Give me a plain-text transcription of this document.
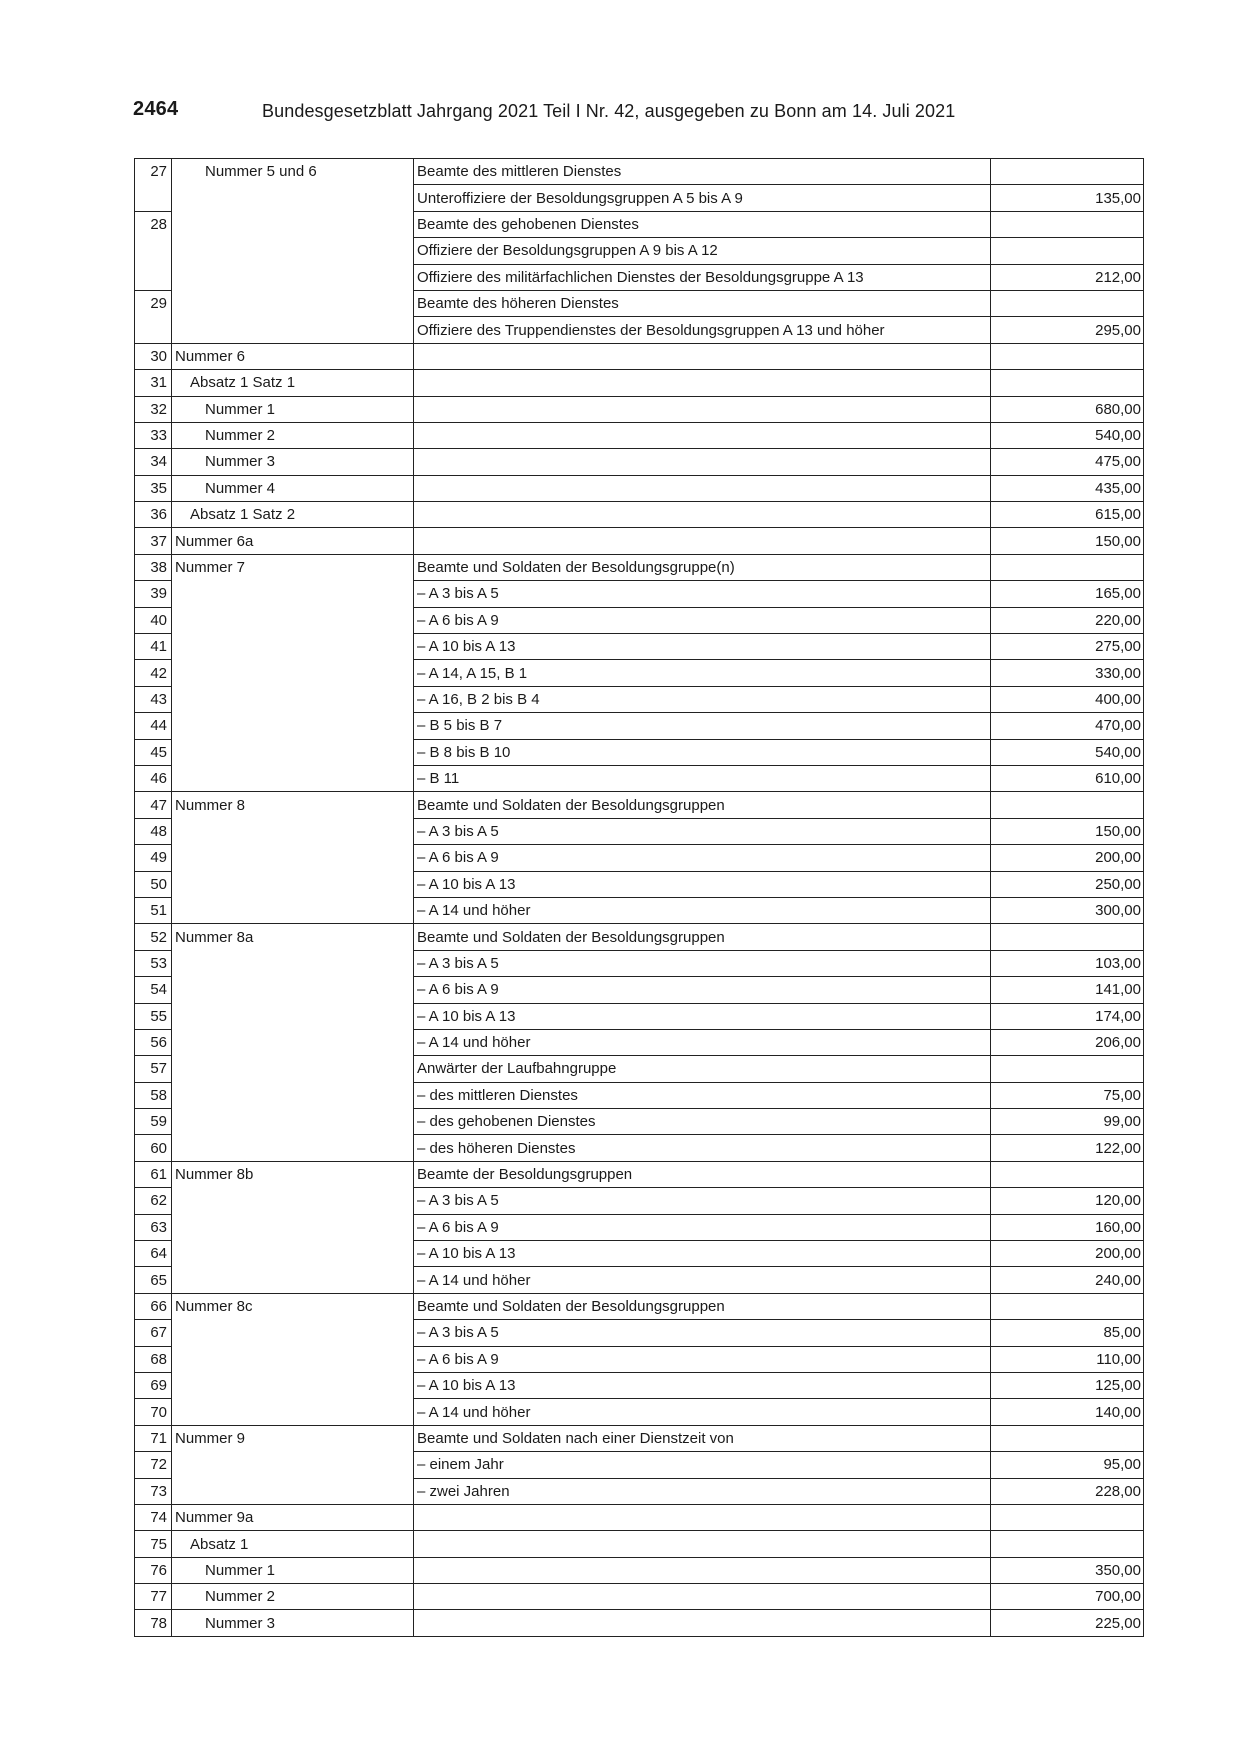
2464	Bundesgesetzblatt Jahrgang 2021 Teil I Nr. 42, ausgegeben zu Bonn am 14. Juli 2021
27	Nummer 5 und 6	Beamte des mittleren Dienstes	
		Unteroffiziere der Besoldungsgruppen A 5 bis A 9	135,00
28		Beamte des gehobenen Dienstes	
		Offiziere der Besoldungsgruppen A 9 bis A 12	
		Offiziere des militärfachlichen Dienstes der Besoldungsgruppe A 13	212,00
29		Beamte des höheren Dienstes	
		Offiziere des Truppendienstes der Besoldungsgruppen A 13 und höher	295,00
30	Nummer 6		
31	Absatz 1 Satz 1		
32	Nummer 1		680,00
33	Nummer 2		540,00
34	Nummer 3		475,00
35	Nummer 4		435,00
36	Absatz 1 Satz 2		615,00
37	Nummer 6a		150,00
38	Nummer 7	Beamte und Soldaten der Besoldungsgruppe(n)	
39		– A 3 bis A 5	165,00
40		– A 6 bis A 9	220,00
41		– A 10 bis A 13	275,00
42		– A 14, A 15, B 1	330,00
43		– A 16, B 2 bis B 4	400,00
44		– B 5 bis B 7	470,00
45		– B 8 bis B 10	540,00
46		– B 11	610,00
47	Nummer 8	Beamte und Soldaten der Besoldungsgruppen	
48		– A 3 bis A 5	150,00
49		– A 6 bis A 9	200,00
50		– A 10 bis A 13	250,00
51		– A 14 und höher	300,00
52	Nummer 8a	Beamte und Soldaten der Besoldungsgruppen	
53		– A 3 bis A 5	103,00
54		– A 6 bis A 9	141,00
55		– A 10 bis A 13	174,00
56		– A 14 und höher	206,00
57		Anwärter der Laufbahngruppe	
58		– des mittleren Dienstes	75,00
59		– des gehobenen Dienstes	99,00
60		– des höheren Dienstes	122,00
61	Nummer 8b	Beamte der Besoldungsgruppen	
62		– A 3 bis A 5	120,00
63		– A 6 bis A 9	160,00
64		– A 10 bis A 13	200,00
65		– A 14 und höher	240,00
66	Nummer 8c	Beamte und Soldaten der Besoldungsgruppen	
67		– A 3 bis A 5	85,00
68		– A 6 bis A 9	110,00
69		– A 10 bis A 13	125,00
70		– A 14 und höher	140,00
71	Nummer 9	Beamte und Soldaten nach einer Dienstzeit von	
72		– einem Jahr	95,00
73		– zwei Jahren	228,00
74	Nummer 9a		
75	Absatz 1		
76	Nummer 1		350,00
77	Nummer 2		700,00
78	Nummer 3		225,00
